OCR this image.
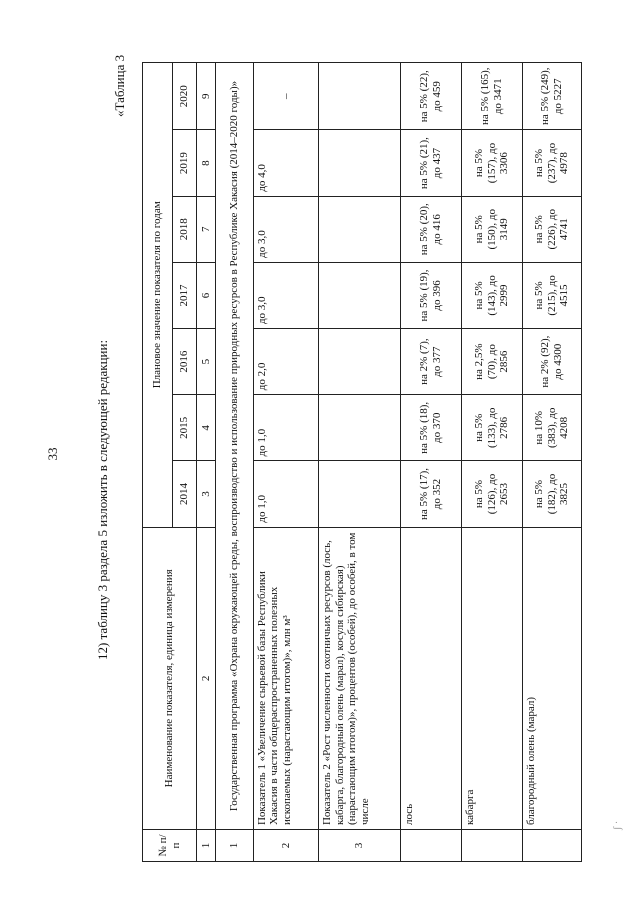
33	12) таблицу 3 раздела 5 изложить в следующей редакции:
«Таблица 3
№ п/п	Наименование показателя, единица измерения	Плановое значение показателя по годам						
		2014	2015	2016	2017	2018	2019	2020
1	2	3	4	5	6	7	8	9
1	Государственная программа «Охрана окружающей среды, воспроизводство и использование природных ресурсов в Республике Хакасия (2014–2020 годы)»							
2	Показатель 1 «Увеличение сырьевой базы Республики Хакасия в части общераспространенных полезных ископаемых (нарастающим итогом)», млн м³	до 1,0	до 1,0	до 2,0	до 3,0	до 3,0	до 4,0	–
3	Показатель 2 «Рост численности охотничьих ресурсов (лось, кабарга, благородный олень (марал), косуля сибирская) (нарастающим итогом)», процентов (особей), до особей, в том числе							
	лось	на 5% (17), до 352	на 5% (18), до 370	на 2% (7), до 377	на 5% (19), до 396	на 5% (20), до 416	на 5% (21), до 437	на 5% (22), до 459
	кабарга	на 5% (126), до 2653	на 5% (133), до 2786	на 2,5% (70), до 2856	на 5% (143), до 2999	на 5% (150), до 3149	на 5% (157), до 3306	на 5% (165), до 3471
	благородный олень (марал)	на 5% (182), до 3825	на 10% (383), до 4208	на 2% (92), до 4300	на 5% (215), до 4515	на 5% (226), до 4741	на 5% (237), до 4978	на 5% (249), до 5227
ʃ ·
